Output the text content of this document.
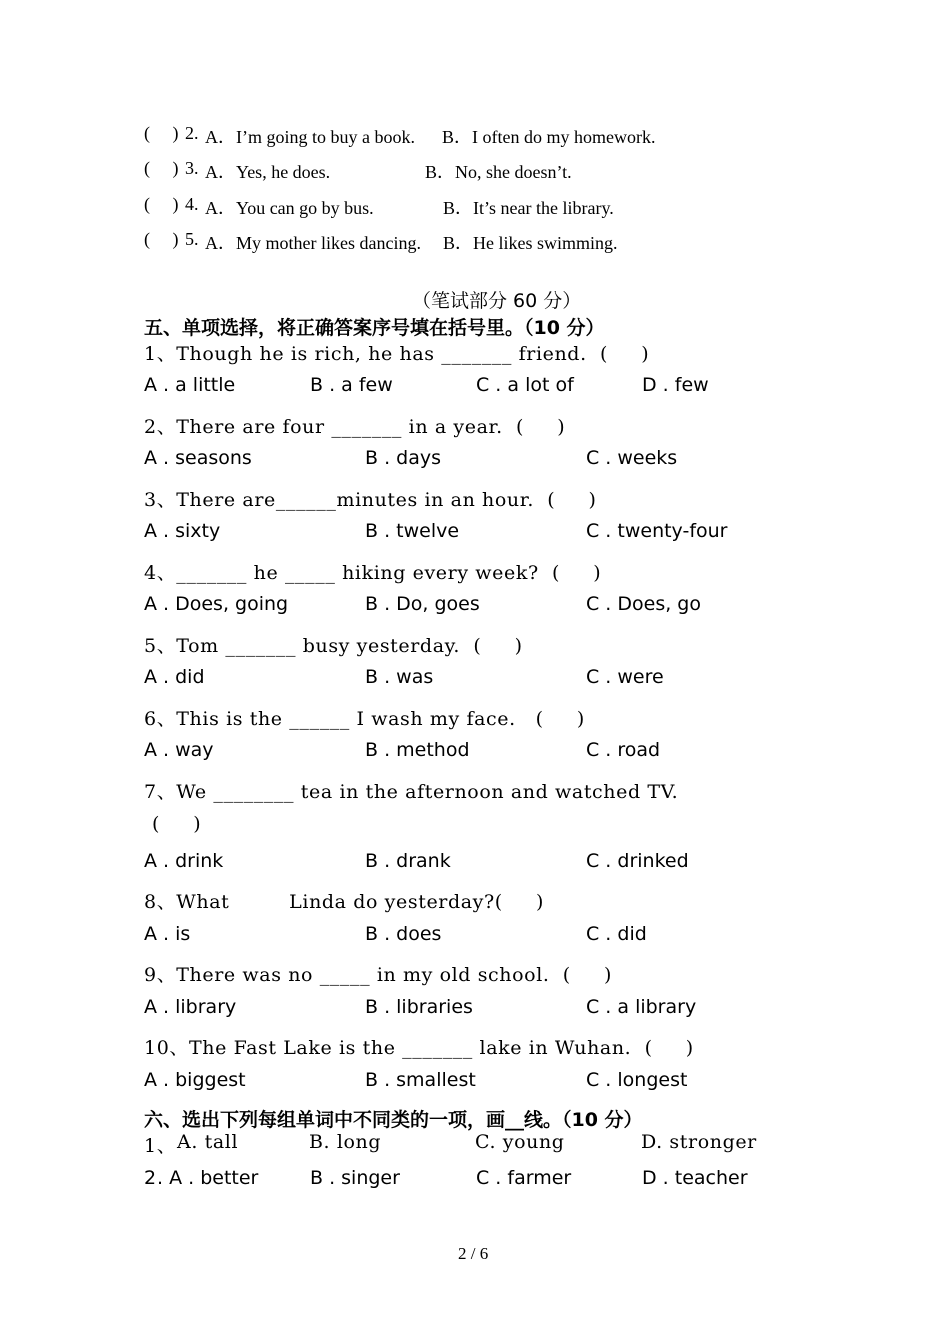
(     ) 2. A．I’m going to buy a book. B．I often do my homework.
(     ) 3. A．Yes, he does.	B．No, she doesn’t.
(     ) 4. A．You can go by bus.	B．It’s near the library.
(     ) 5. A．My mother likes dancing. B．He likes swimming.
（笔试部分 60 分）
五、单项选择，将正确答案序号填在括号里。（10 分）
1、Though he is rich, he has _______ friend.  (     )
A . a little	B . a few	C . a lot of	D . few
2、There are four _______ in a year.  (     )
A . seasons	B . days	C . weeks
3、There are______minutes in an hour.  (     )
A . sixty	B . twelve	C . twenty-four
4、_______ he _____ hiking every week?  (     )
A . Does, going	B . Do, goes	C . Does, go
5、Tom _______ busy yesterday.  (     )
A . did	B . was	C . were
6、This is the ______ I wash my face.   (     )
A . way	B . method	C . road
7、We ________ tea in the afternoon and watched TV.
(     )
A . drink	B . drank	C . drinked
8、What         Linda do yesterday?(     )
A . is	B . does	C . did
9、There was no _____ in my old school.  (     )
A . library	B . libraries	C . a library
10、The Fast Lake is the _______ lake in Wuhan.  (     )
A . biggest	B . smallest	C . longest
六、选出下列每组单词中不同类的一项，画__线。（10 分）
1、 A. tall	B. long	C. young	D. stronger
2 . A . better	B . singer	C . farmer	D . teacher
2 / 6
